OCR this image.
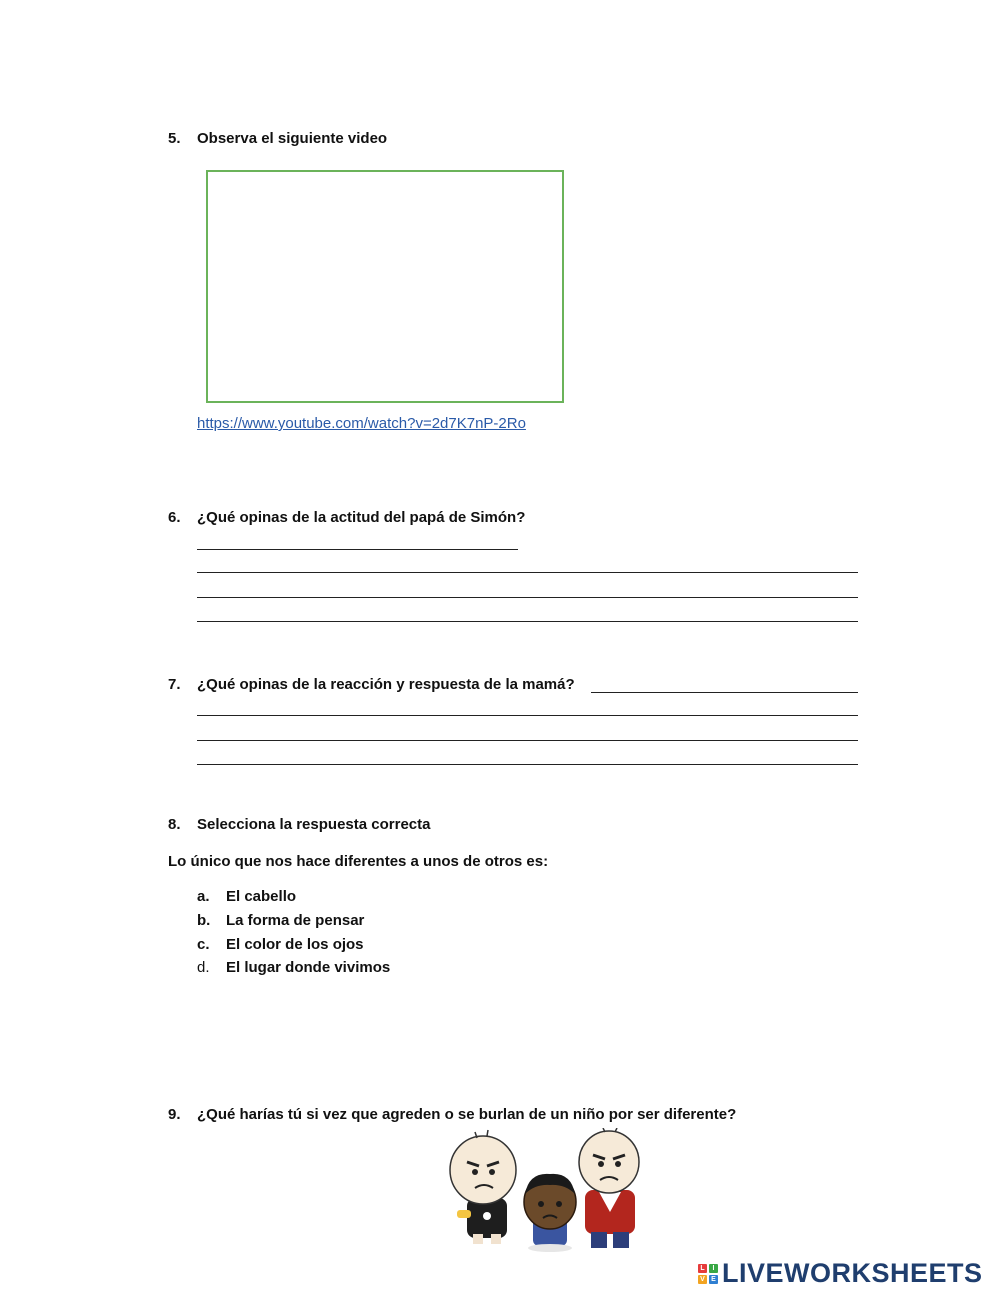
5.	Observa el siguiente video
https://www.youtube.com/watch?v=2d7K7nP-2Ro
6.	¿Qué opinas de la actitud del papá de Simón?
7.	¿Qué opinas de la reacción y respuesta de la mamá?
8.	Selecciona la respuesta correcta
Lo único que nos hace diferentes a unos de otros es:
a.	El cabello
b.	La forma de pensar
c.	El color de los ojos
d.	El lugar donde vivimos
9.	¿Qué harías tú si vez que agreden o se burlan de un niño por ser diferente?
L	I
V E LIVEWORKSHEETS
